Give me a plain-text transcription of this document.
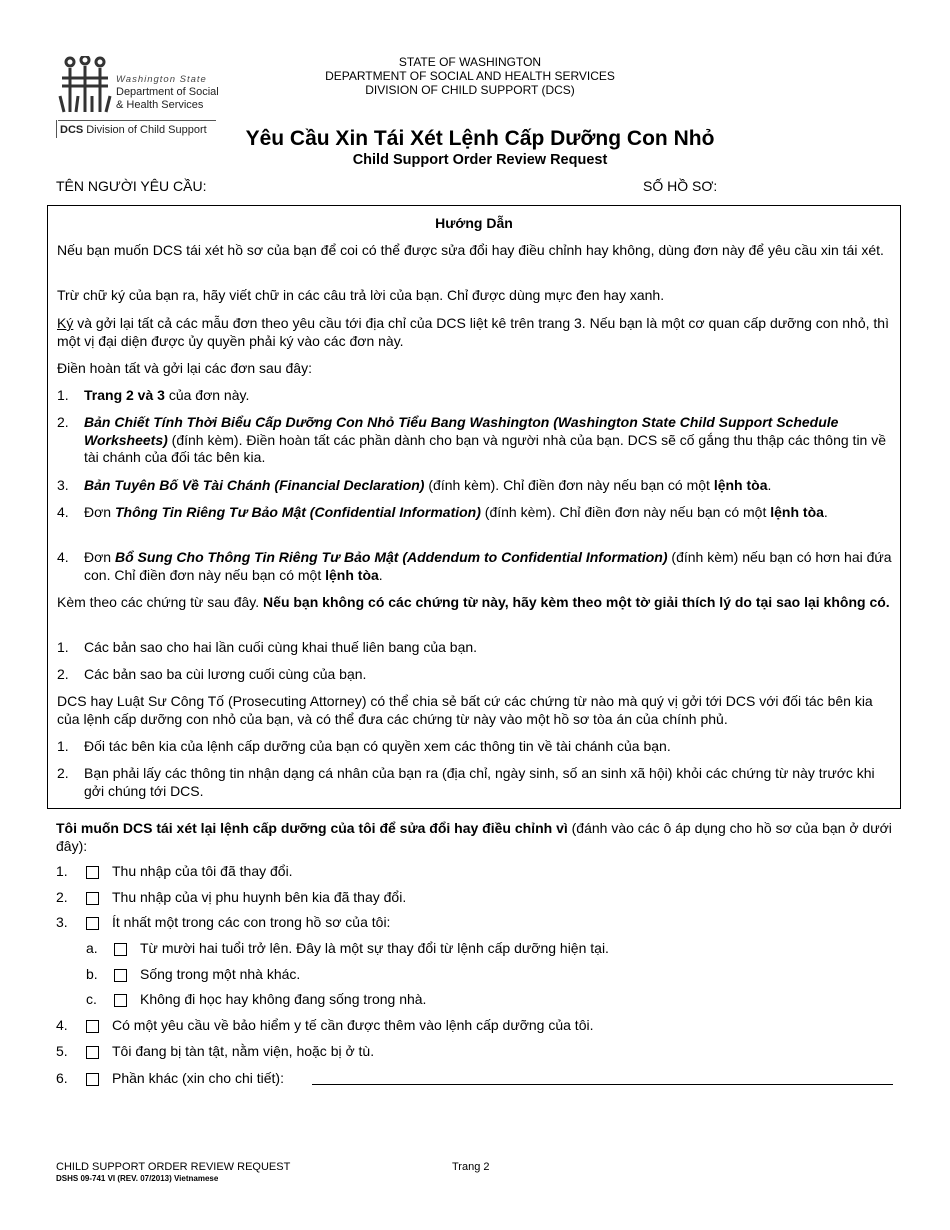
Washington State
Department of Social
& Health Services
DCS Division of Child Support
STATE OF WASHINGTON
DEPARTMENT OF SOCIAL AND HEALTH SERVICES
DIVISION OF CHILD SUPPORT (DCS)
Yêu Cầu Xin Tái Xét Lệnh Cấp Dưỡng Con Nhỏ
Child Support Order Review Request
TÊN NGƯỜI YÊU CẦU:	SỐ HỒ SƠ:
Hướng Dẫn
Nếu bạn muốn DCS tái xét hồ sơ của bạn để coi có thể được sửa đổi hay điều chỉnh hay không, dùng đơn này để yêu cầu xin tái xét.
Trừ chữ ký của bạn ra, hãy viết chữ in các câu trả lời của bạn. Chỉ được dùng mực đen hay xanh.
Ký và gởi lại tất cả các mẫu đơn theo yêu cầu tới địa chỉ của DCS liệt kê trên trang 3. Nếu bạn là một cơ quan cấp dưỡng con nhỏ, thì một vị đại diện được ủy quyền phải ký vào các đơn này.
Điền hoàn tất và gởi lại các đơn sau đây:
1. Trang 2 và 3 của đơn này.
2. Bản Chiết Tính Thời Biểu Cấp Dưỡng Con Nhỏ Tiểu Bang Washington (Washington State Child Support Schedule Worksheets) (đính kèm). Điền hoàn tất các phần dành cho bạn và người nhà của bạn. DCS sẽ cố gắng thu thập các thông tin về tài chánh của đối tác bên kia.
3. Bản Tuyên Bố Về Tài Chánh (Financial Declaration) (đính kèm). Chỉ điền đơn này nếu bạn có một lệnh tòa.
4. Đơn Thông Tin Riêng Tư Bảo Mật (Confidential Information) (đính kèm). Chỉ điền đơn này nếu bạn có một lệnh tòa.
4. Đơn Bổ Sung Cho Thông Tin Riêng Tư Bảo Mật (Addendum to Confidential Information) (đính kèm) nếu bạn có hơn hai đứa con. Chỉ điền đơn này nếu bạn có một lệnh tòa.
Kèm theo các chứng từ sau đây. Nếu bạn không có các chứng từ này, hãy kèm theo một tờ giải thích lý do tại sao lại không có.
1. Các bản sao cho hai lần cuối cùng khai thuế liên bang của bạn.
2. Các bản sao ba cùi lương cuối cùng của bạn.
DCS hay Luật Sư Công Tố (Prosecuting Attorney) có thể chia sẻ bất cứ các chứng từ nào mà quý vị gởi tới DCS với đối tác bên kia của lệnh cấp dưỡng con nhỏ của bạn, và có thể đưa các chứng từ này vào một hồ sơ tòa án của chính phủ.
1. Đối tác bên kia của lệnh cấp dưỡng của bạn có quyền xem các thông tin về tài chánh của bạn.
2. Bạn phải lấy các thông tin nhận dạng cá nhân của bạn ra (địa chỉ, ngày sinh, số an sinh xã hội) khỏi các chứng từ này trước khi gởi chúng tới DCS.
Tôi muốn DCS tái xét lại lệnh cấp dưỡng của tôi để sửa đổi hay điều chỉnh vì (đánh vào các ô áp dụng cho hồ sơ của bạn ở dưới đây):
1.	Thu nhập của tôi đã thay đổi.
2.	Thu nhập của vị phu huynh bên kia đã thay đổi.
3.	Ít nhất một trong các con trong hồ sơ của tôi:
a.	Từ mười hai tuổi trở lên. Đây là một sự thay đổi từ lệnh cấp dưỡng hiện tại.
b.	Sống trong một nhà khác.
c.	Không đi học hay không đang sống trong nhà.
4.	Có một yêu cầu về bảo hiểm y tế cần được thêm vào lệnh cấp dưỡng của tôi.
5.	Tôi đang bị tàn tật, nằm viện, hoặc bị ở tù.
6.	Phần khác (xin cho chi tiết):
CHILD SUPPORT ORDER REVIEW REQUEST
DSHS 09-741 VI (REV. 07/2013) Vietnamese
Trang 2
